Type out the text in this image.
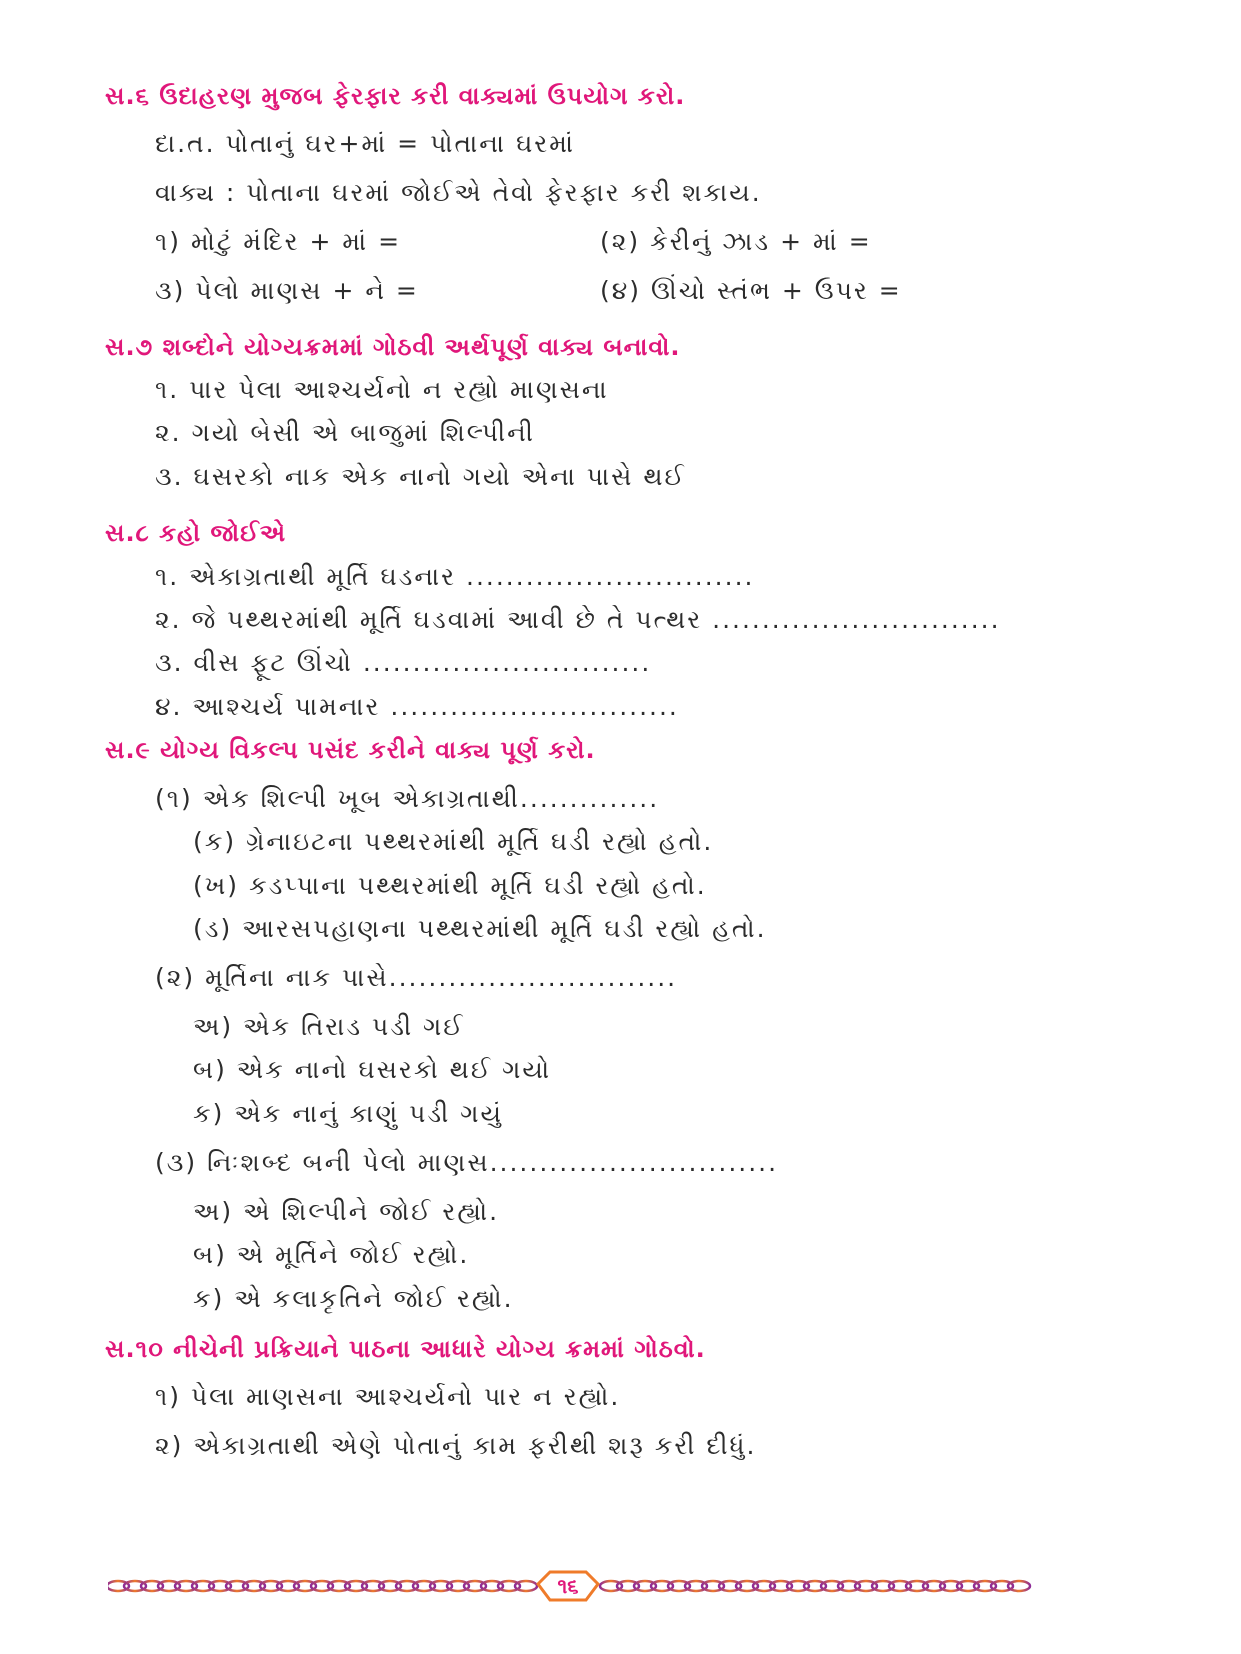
સ.૬ ઉદાહરણ મુજબ ફેરફાર કરી વાક્યમાં ઉપયોગ કરો.
દા.ત. પોતાનું ઘર+માં = પોતાના ઘરમાં
વાક્ય : પોતાના ઘરમાં જોઈએ તેવો ફેરફાર કરી શકાય.
૧) મોટું મંદિર + માં =	(૨) કેરીનું ઝાડ + માં =
૩) પેલો માણસ + ને =	(૪) ઊંચો સ્તંભ + ઉપર =
સ.૭ શબ્દોને યોગ્યક્રમમાં ગોઠવી અર્થપૂર્ણ વાક્ય બનાવો.
૧. પાર પેલા આશ્ચર્યનો ન રહ્યો માણસના
૨. ગયો બેસી એ બાજુમાં શિલ્પીની
૩. ઘસરકો નાક એક નાનો ગયો એના પાસે થઈ
સ.૮ કહો જોઈએ
૧. એકાગ્રતાથી મૂર્તિ ઘડનાર .............................
૨. જે પથ્થરમાંથી મૂર્તિ ઘડવામાં આવી છે તે પત્થર .............................
૩. વીસ ફૂટ ઊંચો .............................
૪. આશ્ચર્ય પામનાર .............................
સ.૯ યોગ્ય વિકલ્પ પસંદ કરીને વાક્ય પૂર્ણ કરો.
(૧) એક શિલ્પી ખૂબ એકાગ્રતાથી..............
(ક) ગ્રેનાઇટના પથ્થરમાંથી મૂર્તિ ઘડી રહ્યો હતો.
(ખ) કડપ્પાના પથ્થરમાંથી મૂર્તિ ઘડી રહ્યો હતો.
(ડ) આરસપહાણના પથ્થરમાંથી મૂર્તિ ઘડી રહ્યો હતો.
(૨) મૂર્તિના નાક પાસે.............................
અ) એક તિરાડ પડી ગઈ
બ) એક નાનો ઘસરકો થઈ ગયો
ક) એક નાનું કાણું પડી ગયું
(૩) નિઃશબ્દ બની પેલો માણસ.............................
અ) એ શિલ્પીને જોઈ રહ્યો.
બ) એ મૂર્તિને જોઈ રહ્યો.
ક) એ કલાકૃતિને જોઈ રહ્યો.
સ.૧૦ નીચેની પ્રક્રિયાને પાઠના આધારે યોગ્ય ક્રમમાં ગોઠવો.
૧) પેલા માણસના આશ્ચર્યનો પાર ન રહ્યો.
૨) એકાગ્રતાથી એણે પોતાનું કામ ફરીથી શરૂ કરી દીધું.
૧૬
